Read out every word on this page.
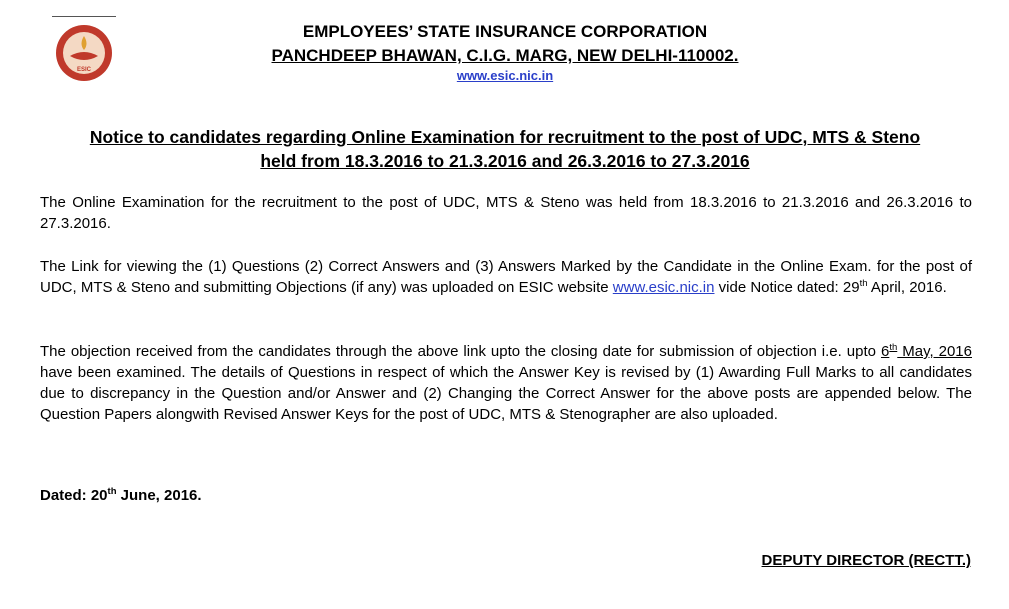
ESIC
EMPLOYEES’ STATE INSURANCE CORPORATION
PANCHDEEP BHAWAN, C.I.G. MARG, NEW DELHI-110002.
www.esic.nic.in
Notice to candidates regarding Online Examination for recruitment to the post of UDC, MTS & Steno
held from 18.3.2016 to 21.3.2016 and 26.3.2016 to 27.3.2016
The Online Examination for the recruitment to the post of UDC, MTS & Steno was held from 18.3.2016 to 21.3.2016 and 26.3.2016 to 27.3.2016.
The Link for viewing the (1) Questions (2) Correct Answers and (3) Answers Marked by the Candidate in the Online Exam. for the post of UDC, MTS & Steno and submitting Objections (if any) was uploaded on ESIC website www.esic.nic.in vide Notice dated: 29th April, 2016.
The objection received from the candidates through the above link upto the closing date for submission of objection i.e. upto 6th May, 2016 have been examined. The details of Questions in respect of which the Answer Key is revised by (1) Awarding Full Marks to all candidates due to discrepancy in the Question and/or Answer and (2) Changing the Correct Answer for the above posts are appended below. The Question Papers alongwith Revised Answer Keys for the post of UDC, MTS & Stenographer are also uploaded.
Dated: 20th June, 2016.
DEPUTY DIRECTOR (RECTT.)
